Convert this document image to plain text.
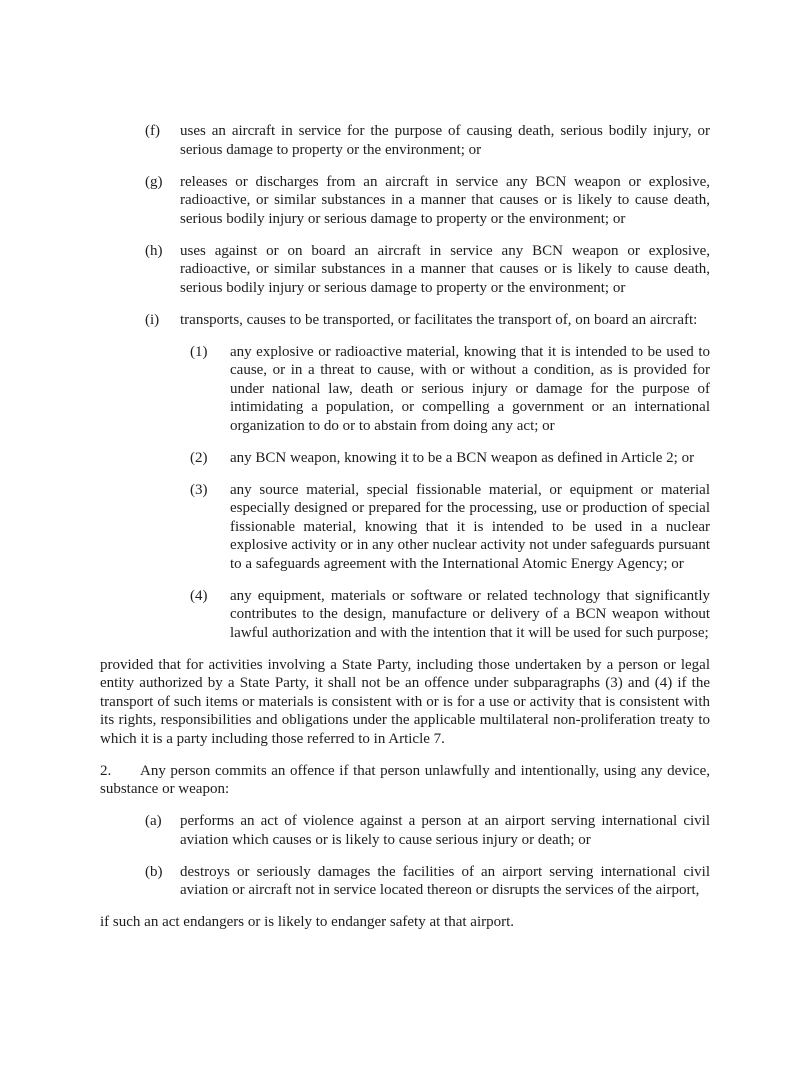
(f) uses an aircraft in service for the purpose of causing death, serious bodily injury, or serious damage to property or the environment; or

(g) releases or discharges from an aircraft in service any BCN weapon or explosive, radioactive, or similar substances in a manner that causes or is likely to cause death, serious bodily injury or serious damage to property or the environment; or

(h) uses against or on board an aircraft in service any BCN weapon or explosive, radioactive, or similar substances in a manner that causes or is likely to cause death, serious bodily injury or serious damage to property or the environment; or

(i) transports, causes to be transported, or facilitates the transport of, on board an aircraft:

(1) any explosive or radioactive material, knowing that it is intended to be used to cause, or in a threat to cause, with or without a condition, as is provided for under national law, death or serious injury or damage for the purpose of intimidating a population, or compelling a government or an international organization to do or to abstain from doing any act; or

(2) any BCN weapon, knowing it to be a BCN weapon as defined in Article 2; or

(3) any source material, special fissionable material, or equipment or material especially designed or prepared for the processing, use or production of special fissionable material, knowing that it is intended to be used in a nuclear explosive activity or in any other nuclear activity not under safeguards pursuant to a safeguards agreement with the International Atomic Energy Agency; or

(4) any equipment, materials or software or related technology that significantly contributes to the design, manufacture or delivery of a BCN weapon without lawful authorization and with the intention that it will be used for such purpose;

provided that for activities involving a State Party, including those undertaken by a person or legal entity authorized by a State Party, it shall not be an offence under subparagraphs (3) and (4) if the transport of such items or materials is consistent with or is for a use or activity that is consistent with its rights, responsibilities and obligations under the applicable multilateral non-proliferation treaty to which it is a party including those referred to in Article 7.

2. Any person commits an offence if that person unlawfully and intentionally, using any device, substance or weapon:

(a) performs an act of violence against a person at an airport serving international civil aviation which causes or is likely to cause serious injury or death; or

(b) destroys or seriously damages the facilities of an airport serving international civil aviation or aircraft not in service located thereon or disrupts the services of the airport,

if such an act endangers or is likely to endanger safety at that airport.
